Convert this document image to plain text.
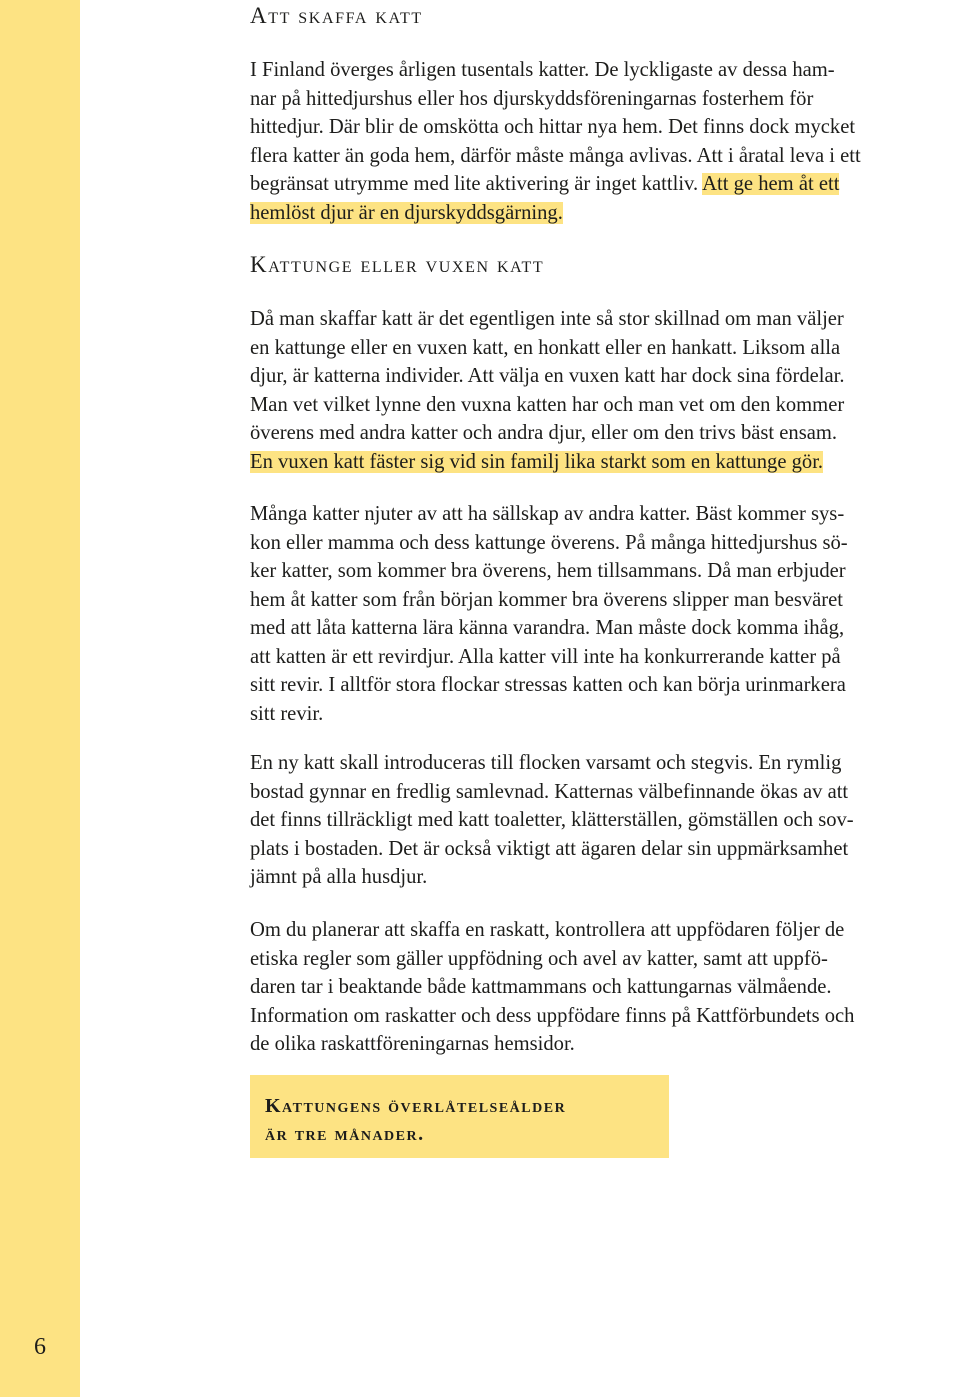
6
Att skaffa katt

I Finland överges årligen tusentals katter. De lyckligaste av dessa ham-
nar på hittedjurshus eller hos djurskyddsföreningarnas fosterhem för
hittedjur. Där blir de omskötta och hittar nya hem. Det finns dock mycket
flera katter än goda hem, därför måste många avlivas. Att i åratal leva i ett
begränsat utrymme med lite aktivering är inget kattliv. Att ge hem åt ett
hemlöst djur är en djurskyddsgärning.

Kattunge eller vuxen katt

Då man skaffar katt är det egentligen inte så stor skillnad om man väljer
en kattunge eller en vuxen katt, en honkatt eller en hankatt. Liksom alla
djur, är katterna individer. Att välja en vuxen katt har dock sina fördelar.
Man vet vilket lynne den vuxna katten har och man vet om den kommer
överens med andra katter och andra djur, eller om den trivs bäst ensam.
En vuxen katt fäster sig vid sin familj lika starkt som en kattunge gör.

Många katter njuter av att ha sällskap av andra katter. Bäst kommer sys-
kon eller mamma och dess kattunge överens. På många hittedjurshus sö-
ker katter, som kommer bra överens, hem tillsammans. Då man erbjuder
hem åt katter som från början kommer bra överens slipper man besväret
med att låta katterna lära känna varandra. Man måste dock komma ihåg,
att katten är ett revirdjur. Alla katter vill inte ha konkurrerande katter på
sitt revir. I alltför stora flockar stressas katten och kan börja urinmarkera
sitt revir.

En ny katt skall introduceras till flocken varsamt och stegvis. En rymlig
bostad gynnar en fredlig samlevnad. Katternas välbefinnande ökas av att
det finns tillräckligt med katt toaletter, klätterställen, gömställen och sov-
plats i bostaden. Det är också viktigt att ägaren delar sin uppmärksamhet
jämnt på alla husdjur.

Om du planerar att skaffa en raskatt, kontrollera att uppfödaren följer de
etiska regler som gäller uppfödning och avel av katter, samt att uppfö-
daren tar i beaktande både kattmammans och kattungarnas välmående.
Information om raskatter och dess uppfödare finns på Kattförbundets och
de olika raskattföreningarnas hemsidor.

Kattungens överlåtelseålder
är tre månader.
